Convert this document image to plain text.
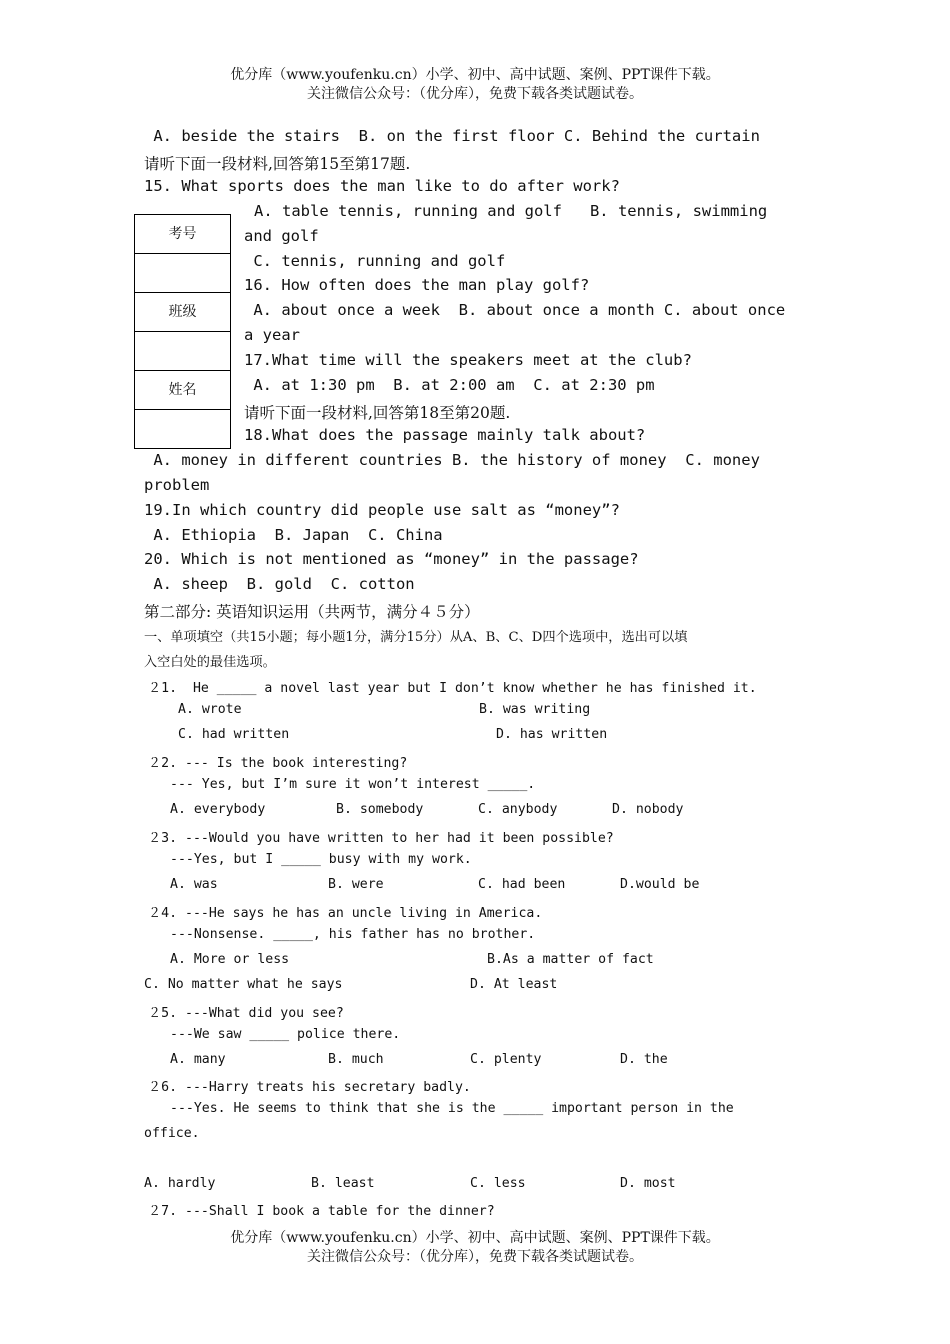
优分库（www.youfenku.cn）小学、初中、高中试题、案例、PPT课件下载。
关注微信公众号：（优分库），免费下载各类试题试卷。
考号
班级
姓名
A. beside the stairs  B. on the first floor C. Behind the curtain
请听下面一段材料,回答第15至第17题.
15. What sports does the man like to do after work?
A. table tennis, running and golf   B. tennis, swimming
and golf
C. tennis, running and golf
16. How often does the man play golf?
A. about once a week  B. about once a month C. about once
a year
17.What time will the speakers meet at the club?
A. at 1:30 pm  B. at 2:00 am  C. at 2:30 pm
请听下面一段材料,回答第18至第20题.
18.What does the passage mainly talk about?
A. money in different countries B. the history of money  C. money
problem
19.In which country did people use salt as “money”?
A. Ethiopia  B. Japan  C. China
20. Which is not mentioned as “money” in the passage?
A. sheep  B. gold  C. cotton
第二部分: 英语知识运用（共两节，满分４５分）
一、单项填空（共15小题；每小题1分，满分15分）从A、B、C、D四个选项中，选出可以填
入空白处的最佳选项。
２1.  He _____ a novel last year but I don’t know whether he has finished it.
A. wrote	B. was writing
C. had written	D. has written
２2. --- Is the book interesting?
--- Yes, but I’m sure it won’t interest _____.
A. everybody	B. somebody	C. anybody	D. nobody
２3. ---Would you have written to her had it been possible?
---Yes, but I _____ busy with my work.
A. was	B. were	C. had been	D.would be
２4. ---He says he has an uncle living in America.
---Nonsense. _____, his father has no brother.
A. More or less	B.As a matter of fact
C. No matter what he says	D. At least
２5. ---What did you see?
---We saw _____ police there.
A. many	B. much	C. plenty	D. the
２6. ---Harry treats his secretary badly.
---Yes. He seems to think that she is the _____ important person in the
office.
A. hardly	B. least	C. less	D. most
２7. ---Shall I book a table for the dinner?
优分库（www.youfenku.cn）小学、初中、高中试题、案例、PPT课件下载。
关注微信公众号：（优分库），免费下载各类试题试卷。
